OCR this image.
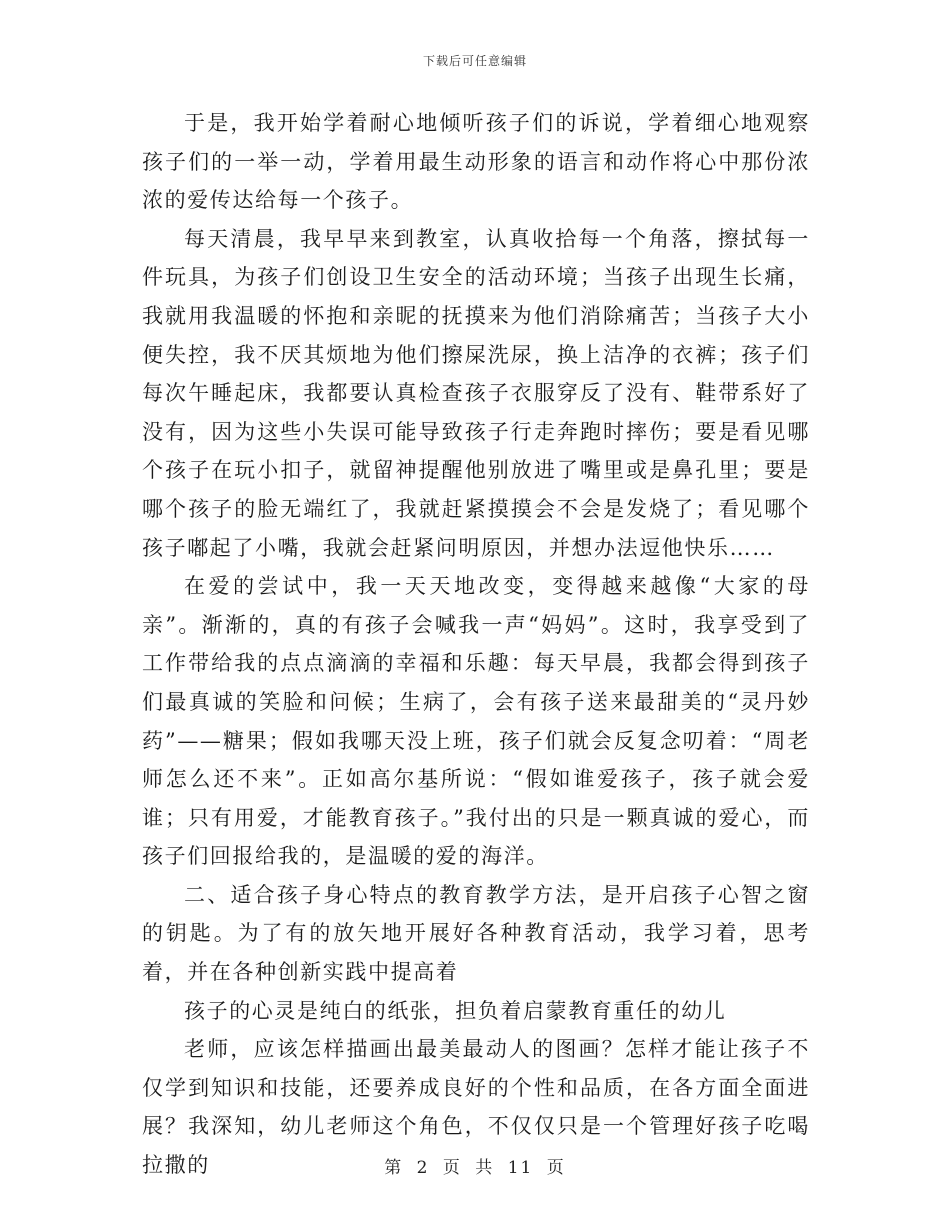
下载后可任意编辑

于是，我开始学着耐心地倾听孩子们的诉说，学着细心地观察孩子们的一举一动，学着用最生动形象的语言和动作将心中那份浓浓的爱传达给每一个孩子。

每天清晨，我早早来到教室，认真收拾每一个角落，擦拭每一件玩具，为孩子们创设卫生安全的活动环境；当孩子出现生长痛，我就用我温暖的怀抱和亲昵的抚摸来为他们消除痛苦；当孩子大小便失控，我不厌其烦地为他们擦屎洗尿，换上洁净的衣裤；孩子们每次午睡起床，我都要认真检查孩子衣服穿反了没有、鞋带系好了没有，因为这些小失误可能导致孩子行走奔跑时摔伤；要是看见哪个孩子在玩小扣子，就留神提醒他别放进了嘴里或是鼻孔里；要是哪个孩子的脸无端红了，我就赶紧摸摸会不会是发烧了；看见哪个孩子嘟起了小嘴，我就会赶紧问明原因，并想办法逗他快乐……

在爱的尝试中，我一天天地改变，变得越来越像“大家的母亲”。渐渐的，真的有孩子会喊我一声“妈妈”。这时，我享受到了工作带给我的点点滴滴的幸福和乐趣：每天早晨，我都会得到孩子们最真诚的笑脸和问候；生病了，会有孩子送来最甜美的“灵丹妙药”——糖果；假如我哪天没上班，孩子们就会反复念叨着：“周老师怎么还不来”。正如高尔基所说：“假如谁爱孩子，孩子就会爱谁；只有用爱，才能教育孩子。”我付出的只是一颗真诚的爱心，而孩子们回报给我的，是温暖的爱的海洋。

二、适合孩子身心特点的教育教学方法，是开启孩子心智之窗的钥匙。为了有的放矢地开展好各种教育活动，我学习着，思考着，并在各种创新实践中提高着

孩子的心灵是纯白的纸张，担负着启蒙教育重任的幼儿

老师，应该怎样描画出最美最动人的图画？怎样才能让孩子不仅学到知识和技能，还要养成良好的个性和品质，在各方面全面进展？我深知，幼儿老师这个角色，不仅仅只是一个管理好孩子吃喝拉撒的	第 2 页 共 11 页
